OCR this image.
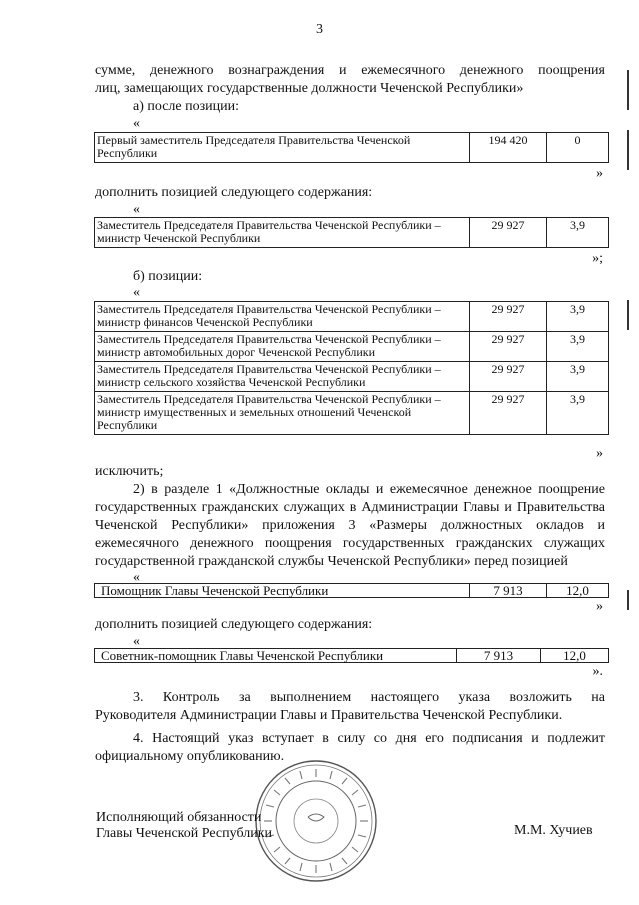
3
сумме, денежного вознаграждения и ежемесячного денежного поощрения
лиц, замещающих государственные должности Чеченской Республики»
а) после позиции:
«
Первый заместитель Председателя Правительства Чеченской Республики	194 420	0
»
дополнить позицией следующего содержания:
«
Заместитель Председателя Правительства Чеченской Республики – министр Чеченской Республики	29 927	3,9
»;
б) позиции:
«
Заместитель Председателя Правительства Чеченской Республики – министр финансов Чеченской Республики	29 927	3,9
Заместитель Председателя Правительства Чеченской Республики – министр автомобильных дорог Чеченской Республики	29 927	3,9
Заместитель Председателя Правительства Чеченской Республики – министр сельского хозяйства Чеченской Республики	29 927	3,9
Заместитель Председателя Правительства Чеченской Республики – министр имущественных и земельных отношений Чеченской Республики	29 927	3,9
»
исключить;
2) в разделе 1 «Должностные оклады и ежемесячное денежное поощрение
государственных гражданских служащих в Администрации Главы и Правительства
Чеченской Республики» приложения 3 «Размеры должностных окладов и
ежемесячного денежного поощрения государственных гражданских служащих
государственной гражданской службы Чеченской Республики» перед позицией
«
Помощник Главы Чеченской Республики	7 913	12,0
»
дополнить позицией следующего содержания:
«
Советник-помощник Главы Чеченской Республики	7 913	12,0
».
3. Контроль за выполнением настоящего указа возложить на
Руководителя Администрации Главы и Правительства Чеченской Республики.
4. Настоящий указ вступает в силу со дня его подписания и подлежит
официальному опубликованию.
Исполняющий обязанности
Главы Чеченской Республики	М.М. Хучиев
